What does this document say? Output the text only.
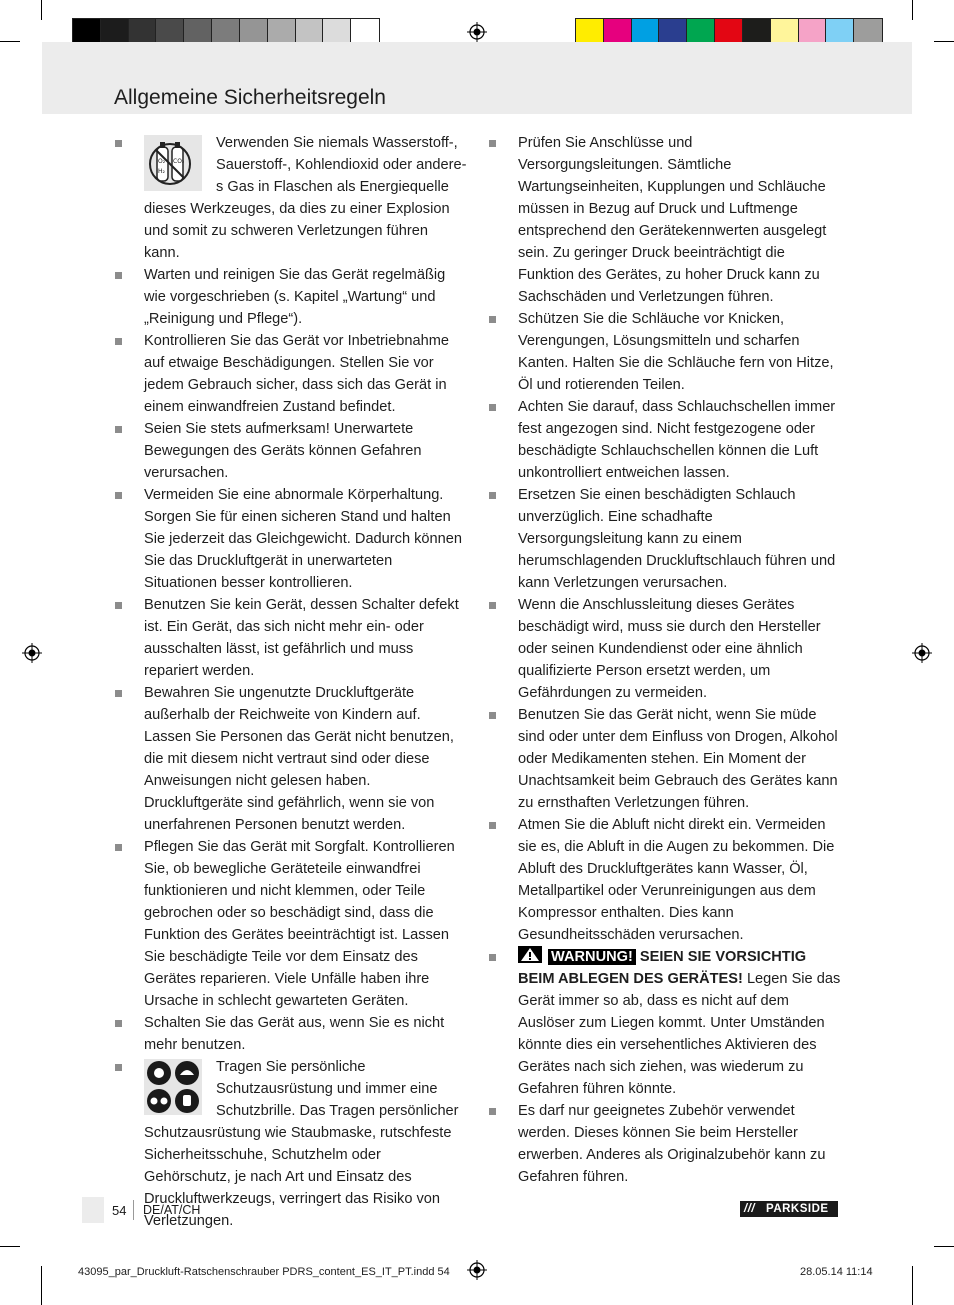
Allgemeine Sicherheitsregeln

O₂
H₂
CO₂
Verwenden Sie niemals Wasserstoff-, Sauerstoff-, Kohlendioxid oder anderes Gas in Flaschen als Energiequelle dieses Werkzeuges, da dies zu einer Explosion und somit zu schweren Verletzungen führen kann.

Warten und reinigen Sie das Gerät regelmäßig wie vorgeschrieben (s. Kapitel „Wartung“ und „Reinigung und Pflege“).

Kontrollieren Sie das Gerät vor Inbetriebnahme auf etwaige Beschädigungen. Stellen Sie vor jedem Gebrauch sicher, dass sich das Gerät in einem einwandfreien Zustand befindet.

Seien Sie stets aufmerksam! Unerwartete Bewegungen des Geräts können Gefahren verursachen.

Vermeiden Sie eine abnormale Körperhaltung. Sorgen Sie für einen sicheren Stand und halten Sie jederzeit das Gleichgewicht. Dadurch können Sie das Druckluftgerät in unerwarteten Situationen besser kontrollieren.

Benutzen Sie kein Gerät, dessen Schalter defekt ist. Ein Gerät, das sich nicht mehr ein- oder ausschalten lässt, ist gefährlich und muss repariert werden.

Bewahren Sie ungenutzte Druckluftgeräte außerhalb der Reichweite von Kindern auf. Lassen Sie Personen das Gerät nicht benutzen, die mit diesem nicht vertraut sind oder diese Anweisungen nicht gelesen haben. Druckluftgeräte sind gefährlich, wenn sie von unerfahrenen Personen benutzt werden.

Pflegen Sie das Gerät mit Sorgfalt. Kontrollieren Sie, ob bewegliche Geräteteile einwandfrei funktionieren und nicht klemmen, oder Teile gebrochen oder so beschädigt sind, dass die Funktion des Gerätes beeinträchtigt ist. Lassen Sie beschädigte Teile vor dem Einsatz des Gerätes reparieren. Viele Unfälle haben ihre Ursache in schlecht gewarteten Geräten.

Schalten Sie das Gerät aus, wenn Sie es nicht mehr benutzen.

Tragen Sie persönliche Schutzausrüstung und immer eine Schutzbrille. Das Tragen persönlicher Schutzausrüstung wie Staubmaske, rutschfeste Sicherheitsschuhe, Schutzhelm oder Gehörschutz, je nach Art und Einsatz des Druckluftwerkzeugs, verringert das Risiko von Verletzungen.

Prüfen Sie Anschlüsse und Versorgungsleitungen. Sämtliche Wartungseinheiten, Kupplungen und Schläuche müssen in Bezug auf Druck und Luftmenge entsprechend den Gerätekennwerten ausgelegt sein. Zu geringer Druck beeinträchtigt die Funktion des Gerätes, zu hoher Druck kann zu Sachschäden und Verletzungen führen.

Schützen Sie die Schläuche vor Knicken, Verengungen, Lösungsmitteln und scharfen Kanten. Halten Sie die Schläuche fern von Hitze, Öl und rotierenden Teilen.

Achten Sie darauf, dass Schlauchschellen immer fest angezogen sind. Nicht festgezogene oder beschädigte Schlauchschellen können die Luft unkontrolliert entweichen lassen.

Ersetzen Sie einen beschädigten Schlauch unverzüglich. Eine schadhafte Versorgungsleitung kann zu einem herumschlagenden Druckluftschlauch führen und kann Verletzungen verursachen.

Wenn die Anschlussleitung dieses Gerätes beschädigt wird, muss sie durch den Hersteller oder seinen Kundendienst oder eine ähnlich qualifizierte Person ersetzt werden, um Gefährdungen zu vermeiden.

Benutzen Sie das Gerät nicht, wenn Sie müde sind oder unter dem Einfluss von Drogen, Alkohol oder Medikamenten stehen. Ein Moment der Unachtsamkeit beim Gebrauch des Gerätes kann zu ernsthaften Verletzungen führen.

Atmen Sie die Abluft nicht direkt ein. Vermeiden sie es, die Abluft in die Augen zu bekommen. Die Abluft des Druckluftgerätes kann Wasser, Öl, Metallpartikel oder Verunreinigungen aus dem Kompressor enthalten. Dies kann Gesundheitsschäden verursachen.

WARNUNG! SEIEN SIE VORSICHTIG BEIM ABLEGEN DES GERÄTES! Legen Sie das Gerät immer so ab, dass es nicht auf dem Auslöser zum Liegen kommt. Unter Umständen könnte dies ein versehentliches Aktivieren des Gerätes nach sich ziehen, was wiederum zu Gefahren führen könnte.

Es darf nur geeignetes Zubehör verwendet werden. Dieses können Sie beim Hersteller erwerben. Anderes als Originalzubehör kann zu Gefahren führen.

54 DE/AT/CH	/// PARKSIDE
43095_par_Druckluft-Ratschenschrauber PDRS_content_ES_IT_PT.indd 54	28.05.14 11:14
